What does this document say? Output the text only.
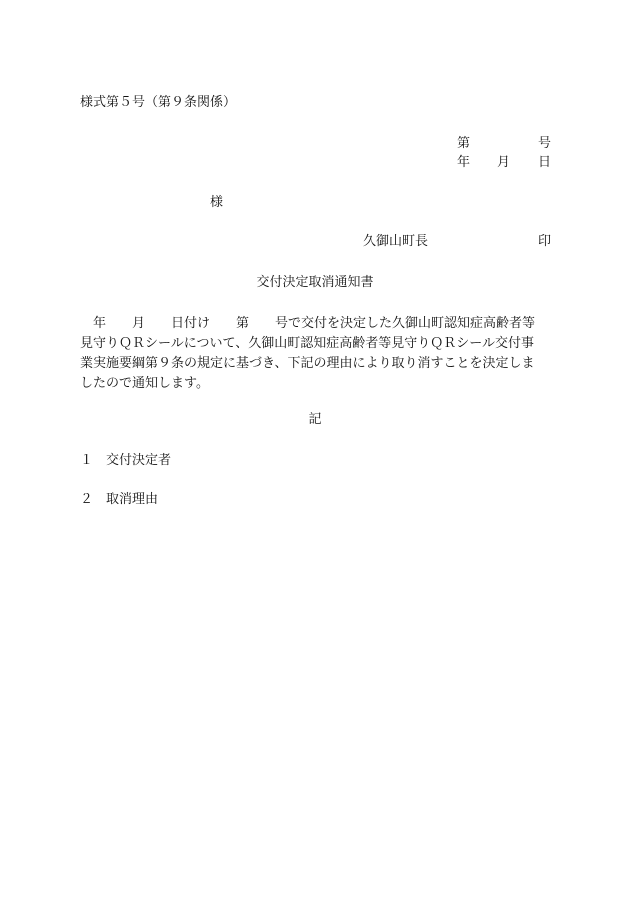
様式第５号（第９条関係）
第	号
年 月 日
様
久御山町長	印
交付決定取消通知書
　年　　月　　日付け　　第　　号で交付を決定した久御山町認知症高齢者等
見守りＱＲシールについて、久御山町認知症高齢者等見守りＱＲシール交付事
業実施要綱第９条の規定に基づき、下記の理由により取り消すことを決定しま
したので通知します。
記
１ 交付決定者
２ 取消理由
